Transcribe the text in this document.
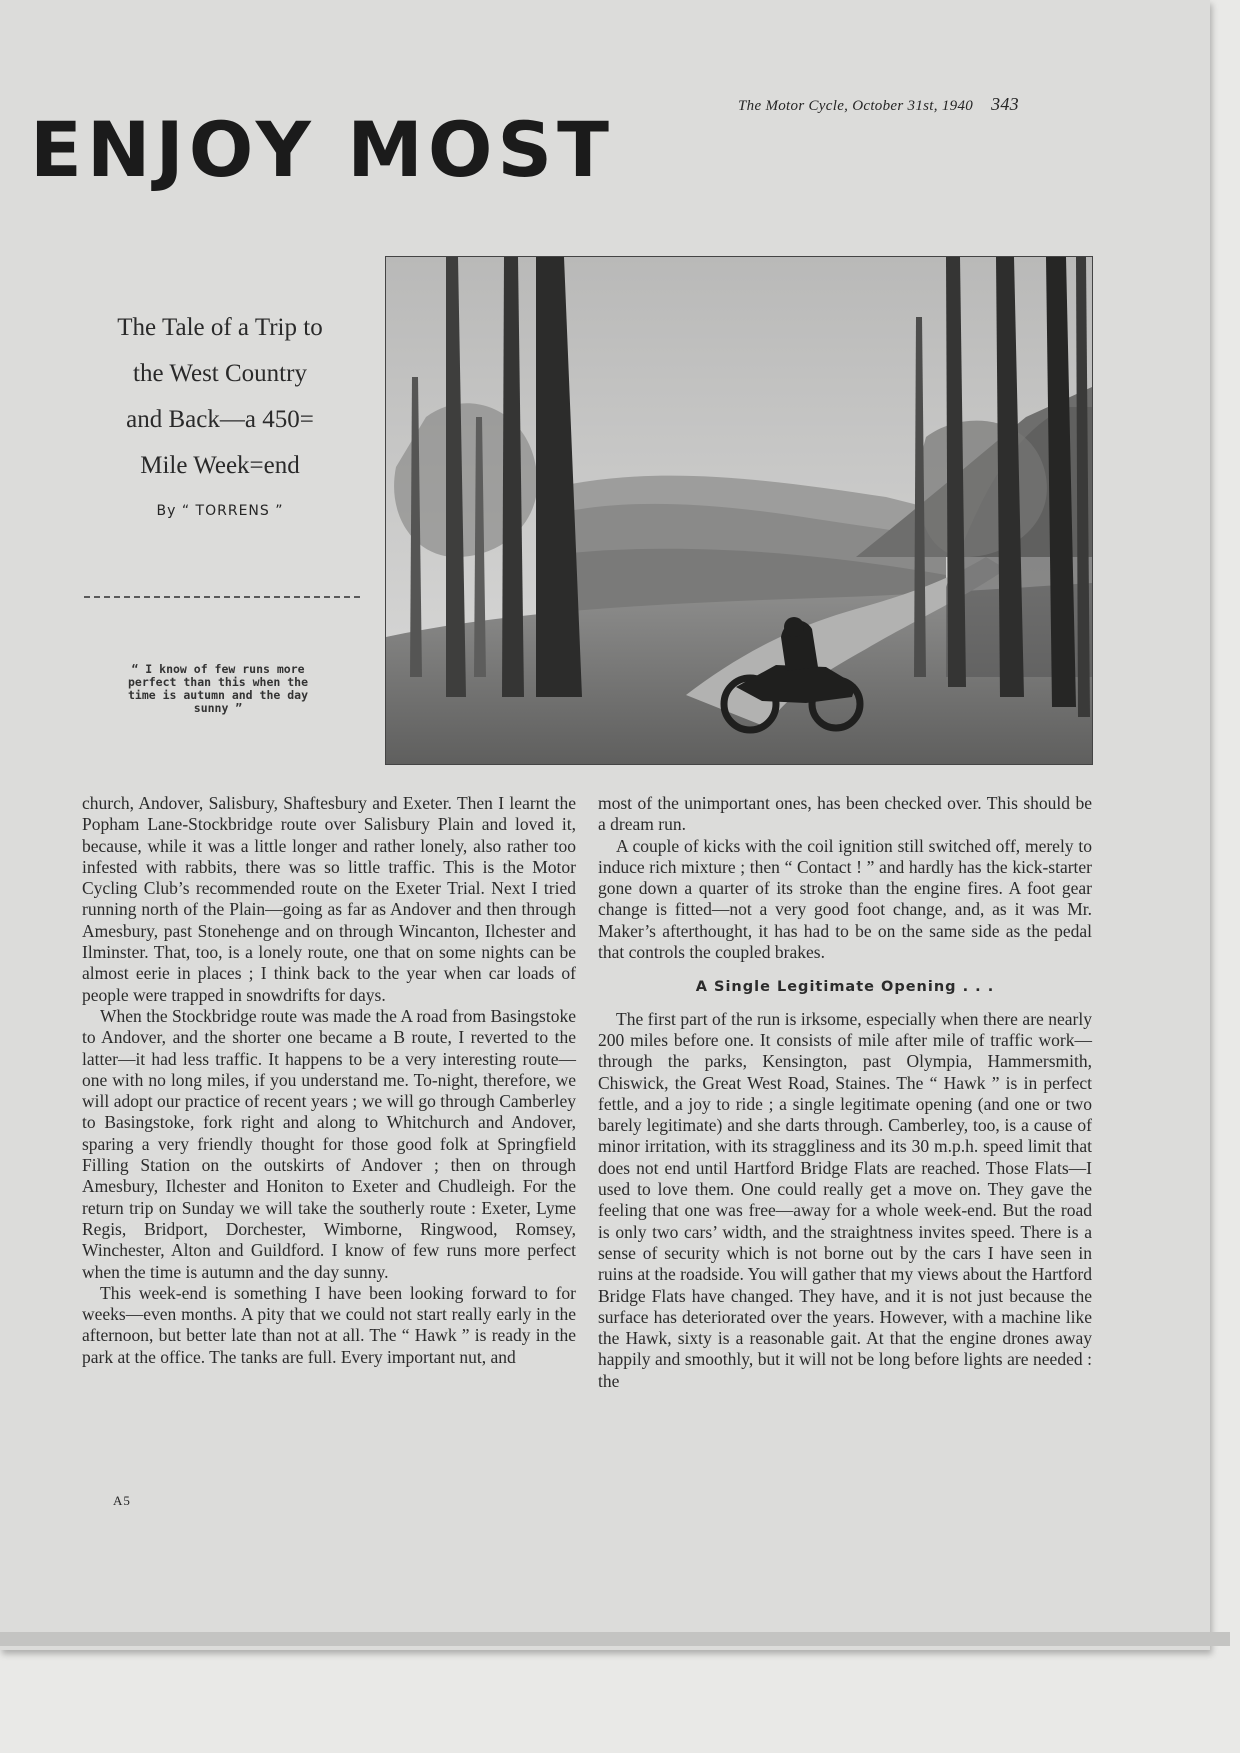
The Motor Cycle, October 31st, 1940 343
ENJOY MOST
The Tale of a Trip to
the West Country
and Back—a 450=
Mile Week=end
By “ TORRENS ”
“ I know of few runs more
perfect than this when the
time is autumn and the day
sunny ”

church, Andover, Salisbury, Shaftesbury and Exeter. Then I learnt the Popham Lane-Stockbridge route over Salisbury Plain and loved it, because, while it was a little longer and rather lonely, also rather too infested with rabbits, there was so little traffic. This is the Motor Cycling Club’s recommended route on the Exeter Trial. Next I tried running north of the Plain—going as far as Andover and then through Amesbury, past Stonehenge and on through Wincanton, Ilchester and Ilminster. That, too, is a lonely route, one that on some nights can be almost eerie in places ; I think back to the year when car loads of people were trapped in snowdrifts for days.

When the Stockbridge route was made the A road from Basingstoke to Andover, and the shorter one became a B route, I reverted to the latter—it had less traffic. It happens to be a very interesting route—one with no long miles, if you understand me. To-night, therefore, we will adopt our practice of recent years ; we will go through Camberley to Basingstoke, fork right and along to Whitchurch and Andover, sparing a very friendly thought for those good folk at Springfield Filling Station on the outskirts of Andover ; then on through Amesbury, Ilchester and Honiton to Exeter and Chudleigh. For the return trip on Sunday we will take the southerly route : Exeter, Lyme Regis, Bridport, Dorchester, Wimborne, Ringwood, Romsey, Winchester, Alton and Guildford. I know of few runs more perfect when the time is autumn and the day sunny.

This week-end is something I have been looking forward to for weeks—even months. A pity that we could not start really early in the afternoon, but better late than not at all. The “ Hawk ” is ready in the park at the office. The tanks are full. Every important nut, and

most of the unimportant ones, has been checked over. This should be a dream run.

A couple of kicks with the coil ignition still switched off, merely to induce rich mixture ; then “ Contact ! ” and hardly has the kick-starter gone down a quarter of its stroke than the engine fires. A foot gear change is fitted—not a very good foot change, and, as it was Mr. Maker’s afterthought, it has had to be on the same side as the pedal that controls the coupled brakes.

A Single Legitimate Opening . . .

The first part of the run is irksome, especially when there are nearly 200 miles before one. It consists of mile after mile of traffic work—through the parks, Kensington, past Olympia, Hammersmith, Chiswick, the Great West Road, Staines. The “ Hawk ” is in perfect fettle, and a joy to ride ; a single legitimate opening (and one or two barely legitimate) and she darts through. Camberley, too, is a cause of minor irritation, with its straggliness and its 30 m.p.h. speed limit that does not end until Hartford Bridge Flats are reached. Those Flats—I used to love them. One could really get a move on. They gave the feeling that one was free—away for a whole week-end. But the road is only two cars’ width, and the straightness invites speed. There is a sense of security which is not borne out by the cars I have seen in ruins at the roadside. You will gather that my views about the Hartford Bridge Flats have changed. They have, and it is not just because the surface has deteriorated over the years. However, with a machine like the Hawk, sixty is a reasonable gait. At that the engine drones away happily and smoothly, but it will not be long before lights are needed : the

A5
